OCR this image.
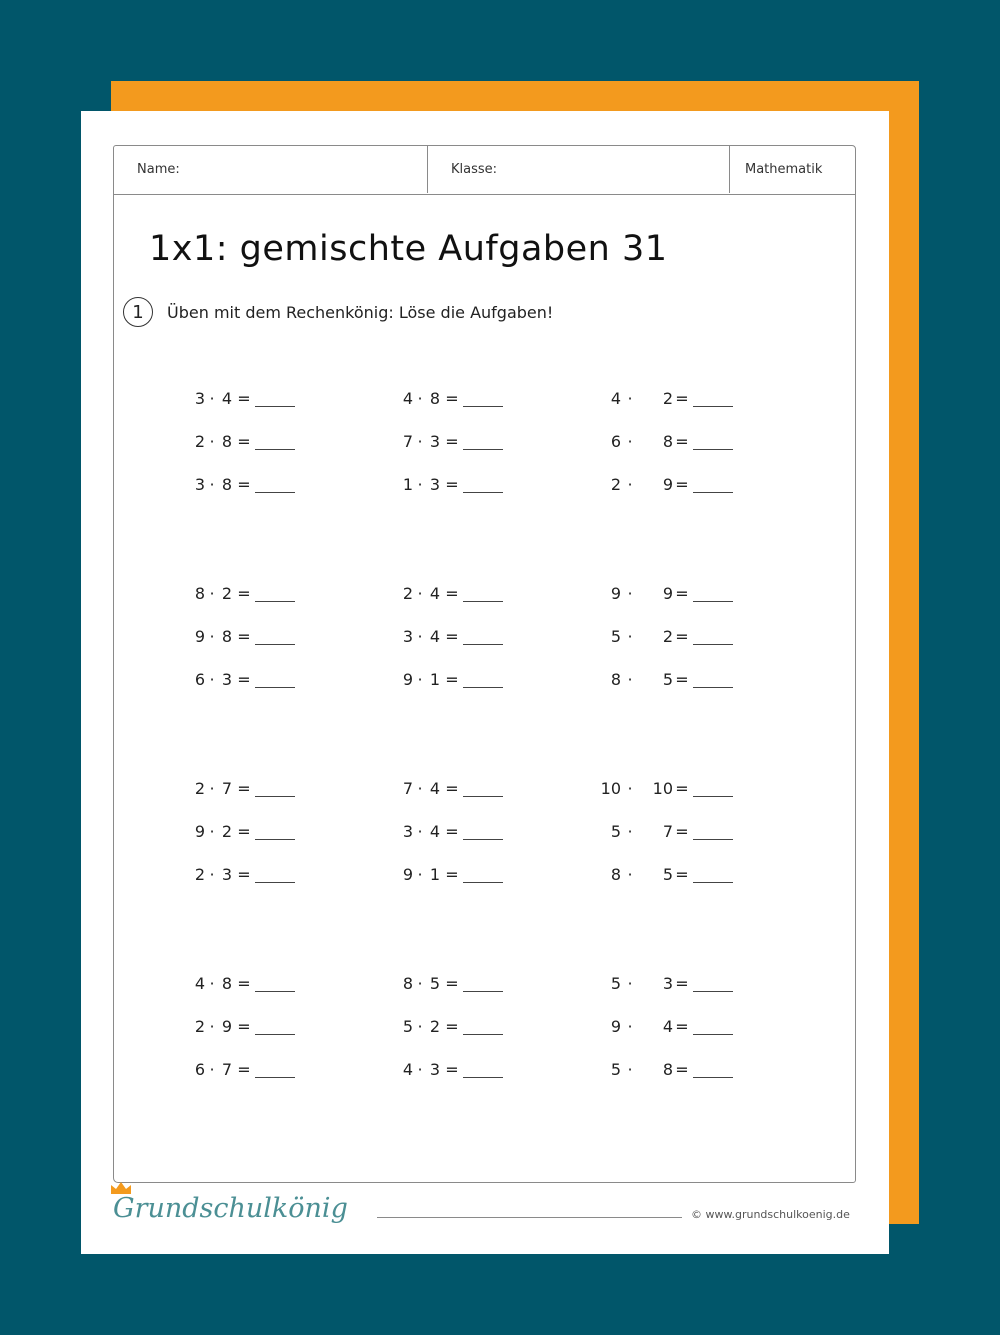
Name:	Klasse:	Mathematik
1x1: gemischte Aufgaben 31
1	Üben mit dem Rechenkönig: Löse die Aufgaben!
3 · 4 =
2 · 8 =
3 · 8 =
4 · 8 =
7 · 3 =
1 · 3 =
4 ·	2 =
6 ·	8 =
2 ·	9 =
8 · 2 =
9 · 8 =
6 · 3 =
2 · 4 =
3 · 4 =
9 · 1 =
9 ·	9 =
5 ·	2 =
8 ·	5 =
2 · 7 =
9 · 2 =
2 · 3 =
7 · 4 =
3 · 4 =
9 · 1 =
10 ·	10 =
5 ·	7 =
8 ·	5 =
4 · 8 =
2 · 9 =
6 · 7 =
8 · 5 =
5 · 2 =
4 · 3 =
5 ·	3 =
9 ·	4 =
5 ·	8 =
Grundschulkönig	© www.grundschulkoenig.de
